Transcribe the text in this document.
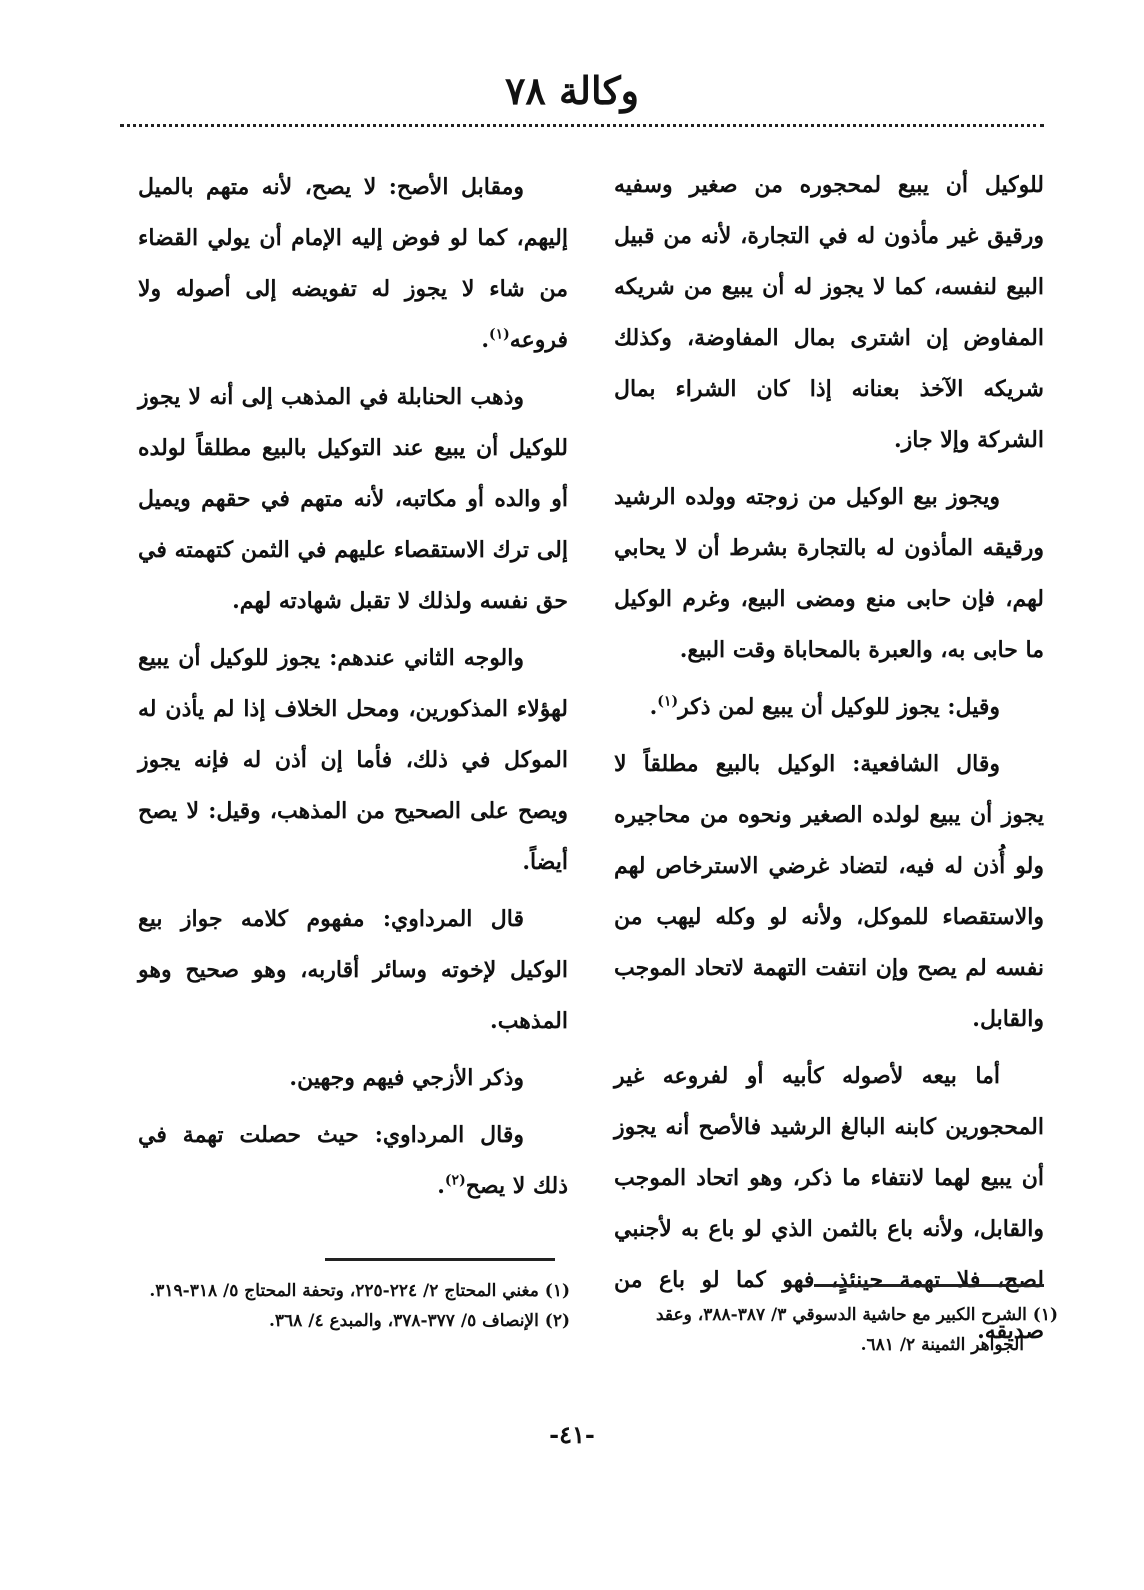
وكالة ٧٨

للوكيل أن يبيع لمحجوره من صغير وسفيه ورقيق غير مأذون له في التجارة، لأنه من قبيل البيع لنفسه، كما لا يجوز له أن يبيع من شريكه المفاوض إن اشترى بمال المفاوضة، وكذلك شريكه الآخذ بعنانه إذا كان الشراء بمال الشركة وإلا جاز.

ويجوز بيع الوكيل من زوجته وولده الرشيد ورقيقه المأذون له بالتجارة بشرط أن لا يحابي لهم، فإن حابى منع ومضى البيع، وغرم الوكيل ما حابى به، والعبرة بالمحاباة وقت البيع.

وقيل: يجوز للوكيل أن يبيع لمن ذكر$^{(١)}$.

وقال الشافعية: الوكيل بالبيع مطلقاً لا يجوز أن يبيع لولده الصغير ونحوه من محاجيره ولو أُذن له فيه، لتضاد غرضي الاسترخاص لهم والاستقصاء للموكل، ولأنه لو وكله ليهب من نفسه لم يصح وإن انتفت التهمة لاتحاد الموجب والقابل.

أما بيعه لأصوله كأبيه أو لفروعه غير المحجورين كابنه البالغ الرشيد فالأصح أنه يجوز أن يبيع لهما لانتفاء ما ذكر، وهو اتحاد الموجب والقابل، ولأنه باع بالثمن الذي لو باع به لأجنبي لصح، فلا تهمة حينئذٍ، فهو كما لو باع من صديقه.

ومقابل الأصح: لا يصح، لأنه متهم بالميل إليهم، كما لو فوض إليه الإمام أن يولي القضاء من شاء لا يجوز له تفويضه إلى أصوله ولا فروعه$^{(١)}$.

وذهب الحنابلة في المذهب إلى أنه لا يجوز للوكيل أن يبيع عند التوكيل بالبيع مطلقاً لولده أو والده أو مكاتبه، لأنه متهم في حقهم ويميل إلى ترك الاستقصاء عليهم في الثمن كتهمته في حق نفسه ولذلك لا تقبل شهادته لهم.

والوجه الثاني عندهم: يجوز للوكيل أن يبيع لهؤلاء المذكورين، ومحل الخلاف إذا لم يأذن له الموكل في ذلك، فأما إن أذن له فإنه يجوز ويصح على الصحيح من المذهب، وقيل: لا يصح أيضاً.

قال المرداوي: مفهوم كلامه جواز بيع الوكيل لإخوته وسائر أقاربه، وهو صحيح وهو المذهب.

وذكر الأزجي فيهم وجهين.

وقال المرداوي: حيث حصلت تهمة في ذلك لا يصح$^{(٢)}$.

(١) الشرح الكبير مع حاشية الدسوقي ٣/ ٣٨٧-٣٨٨، وعقد الجواهر الثمينة ٢/ ٦٨١.
(١) مغني المحتاج ٢/ ٢٢٤-٢٢٥، وتحفة المحتاج ٥/ ٣١٨-٣١٩.
(٢) الإنصاف ٥/ ٣٧٧-٣٧٨، والمبدع ٤/ ٣٦٨.
-٤١-
